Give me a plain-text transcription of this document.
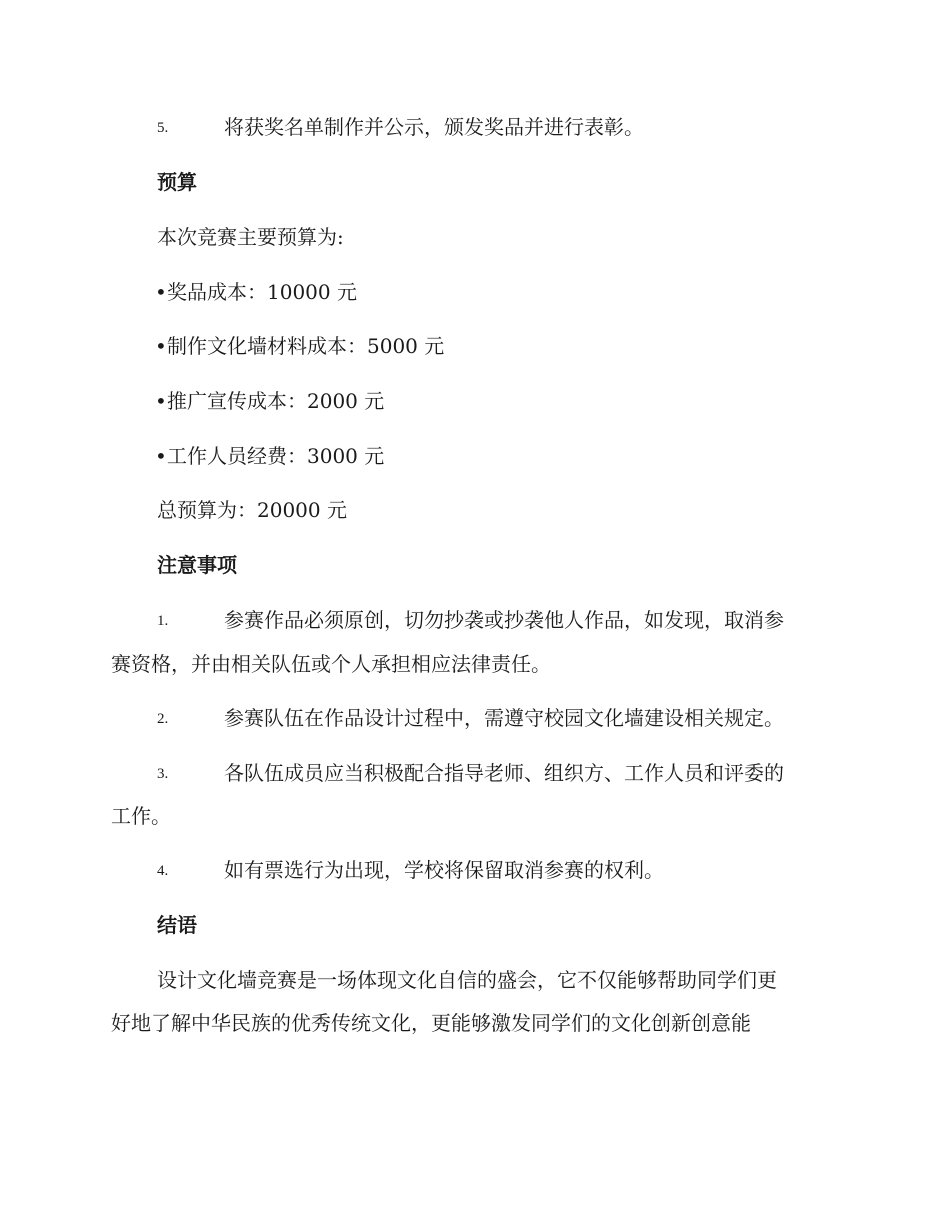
5.	将获奖名单制作并公示，颁发奖品并进行表彰。
预算
本次竞赛主要预算为:
•奖品成本：10000 元
•制作文化墙材料成本：5000 元
•推广宣传成本：2000 元
•工作人员经费：3000 元
总预算为：20000 元
注意事项
1.	参赛作品必须原创，切勿抄袭或抄袭他人作品，如发现，取消参
赛资格，并由相关队伍或个人承担相应法律责任。
2.	参赛队伍在作品设计过程中，需遵守校园文化墙建设相关规定。
3.	各队伍成员应当积极配合指导老师、组织方、工作人员和评委的
工作。
4.	如有票选行为出现，学校将保留取消参赛的权利。
结语
设计文化墙竞赛是一场体现文化自信的盛会，它不仅能够帮助同学们更
好地了解中华民族的优秀传统文化，更能够激发同学们的文化创新创意能
